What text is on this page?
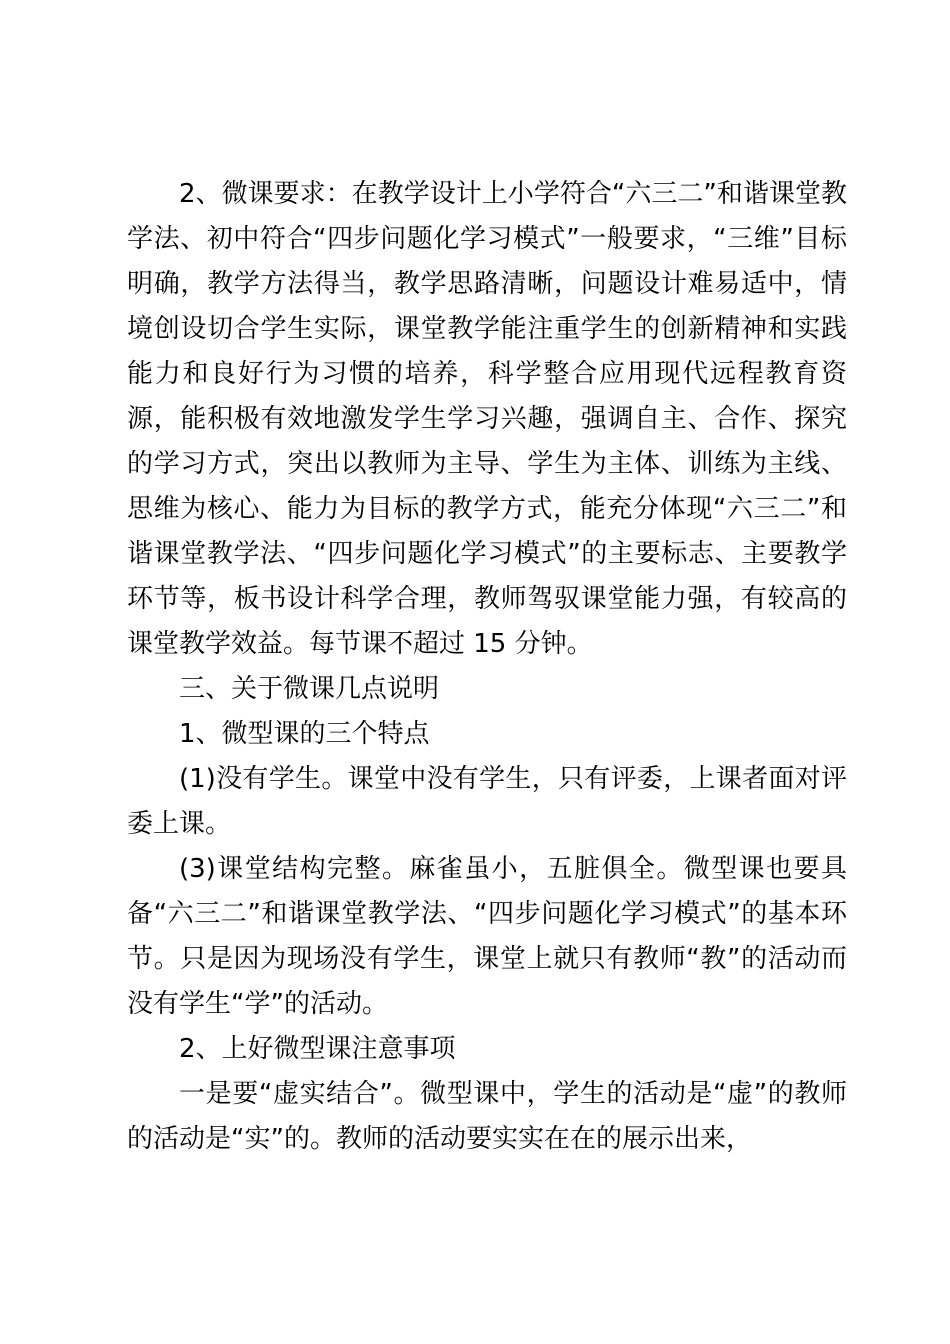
2、微课要求：在教学设计上小学符合“六三二”和谐课堂教学法、初中符合“四步问题化学习模式”一般要求，“三维”目标明确，教学方法得当，教学思路清晰，问题设计难易适中，情境创设切合学生实际，课堂教学能注重学生的创新精神和实践能力和良好行为习惯的培养，科学整合应用现代远程教育资源，能积极有效地激发学生学习兴趣，强调自主、合作、探究的学习方式，突出以教师为主导、学生为主体、训练为主线、思维为核心、能力为目标的教学方式，能充分体现“六三二”和谐课堂教学法、“四步问题化学习模式”的主要标志、主要教学环节等，板书设计科学合理，教师驾驭课堂能力强，有较高的课堂教学效益。每节课不超过 15 分钟。

三、关于微课几点说明

1、微型课的三个特点

(1)没有学生。课堂中没有学生，只有评委，上课者面对评委上课。

(3)课堂结构完整。麻雀虽小，五脏俱全。微型课也要具备“六三二”和谐课堂教学法、“四步问题化学习模式”的基本环节。只是因为现场没有学生，课堂上就只有教师“教”的活动而没有学生“学”的活动。

2、上好微型课注意事项

一是要“虚实结合”。微型课中，学生的活动是“虚”的教师的活动是“实”的。教师的活动要实实在在的展示出来，
